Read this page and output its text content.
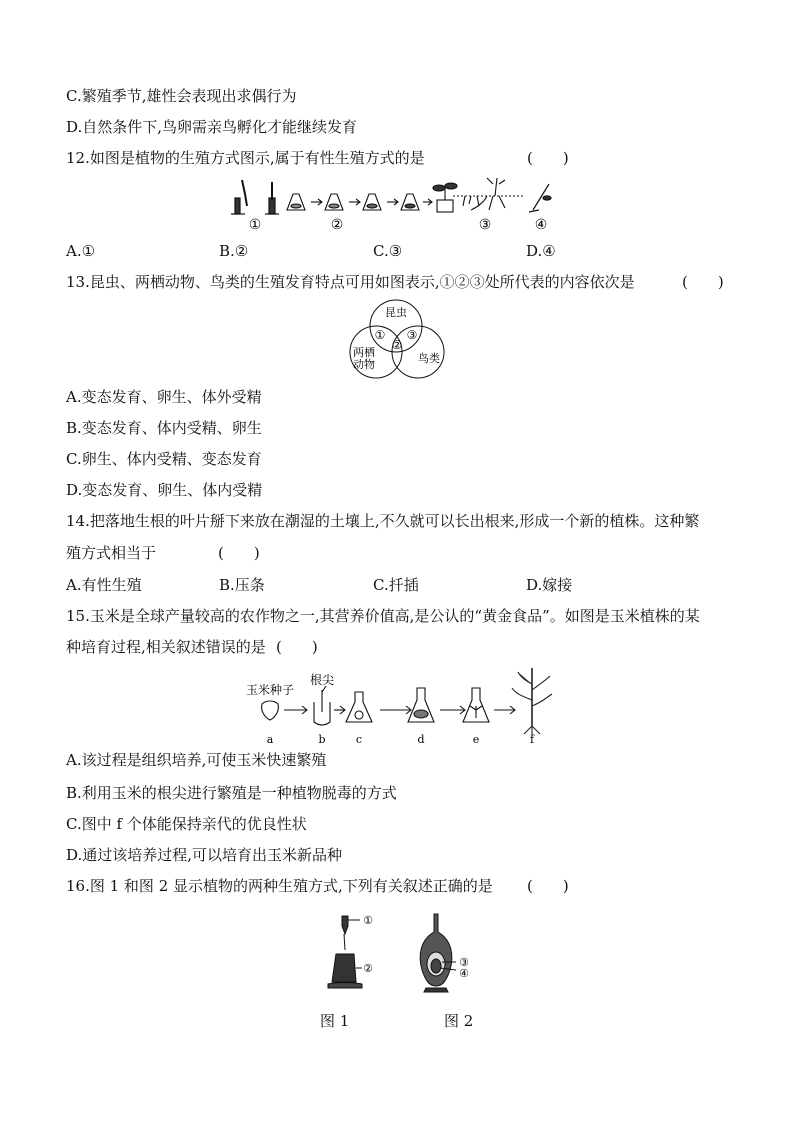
C.繁殖季节,雄性会表现出求偶行为
D.自然条件下,鸟卵需亲鸟孵化才能继续发育
12.如图是植物的生殖方式图示,属于有性生殖方式的是	(　　)
①	②	③	④
A.①	B.②	C.③	D.④
13.昆虫、两栖动物、鸟类的生殖发育特点可用如图表示,①②③处所代表的内容依次是	(　　)
昆虫
两栖
动物	鸟类
①
②
③
A.变态发育、卵生、体外受精
B.变态发育、体内受精、卵生
C.卵生、体内受精、变态发育
D.变态发育、卵生、体内受精
14.把落地生根的叶片掰下来放在潮湿的土壤上,不久就可以长出根来,形成一个新的植株。这种繁
殖方式相当于	(　　)
A.有性生殖	B.压条	C.扦插	D.嫁接
15.玉米是全球产量较高的农作物之一,其营养价值高,是公认的“黄金食品”。如图是玉米植株的某
种培育过程,相关叙述错误的是 (　　)
玉米种子
根尖
a	b	c	d	e	f
A.该过程是组织培养,可使玉米快速繁殖
B.利用玉米的根尖进行繁殖是一种植物脱毒的方式
C.图中 f 个体能保持亲代的优良性状
D.通过该培养过程,可以培育出玉米新品种
16.图 1 和图 2 显示植物的两种生殖方式,下列有关叙述正确的是 (　　)
①
②	③
④
图 1	图 2
